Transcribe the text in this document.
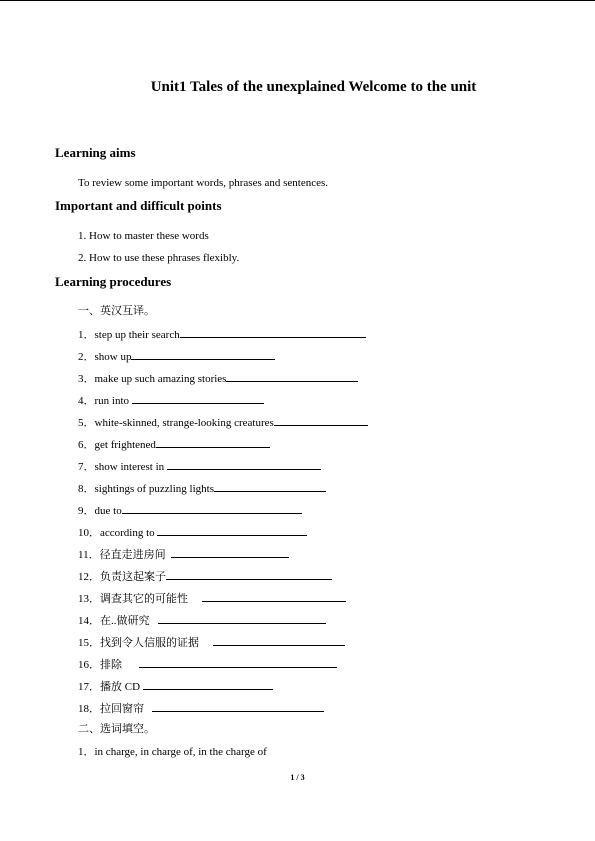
Unit1 Tales of the unexplained Welcome to the unit
Learning aims
To review some important words, phrases and sentences.
Important and difficult points
1. How to master these words
2. How to use these phrases flexibly.
Learning procedures
一、英汉互译。
1．step up their search
2．show up
3．make up such amazing stories
4．run into
5．white-skinned, strange-looking creatures
6．get frightened
7．show interest in
8．sightings of puzzling lights
9．due to
10．according to
11．径直走进房间
12．负责这起案子
13．调查其它的可能性
14．在..做研究
15．找到令人信服的证据
16．排除
17．播放 CD
18．拉回窗帘
二、选词填空。
1．in charge, in charge of, in the charge of
1 / 3
